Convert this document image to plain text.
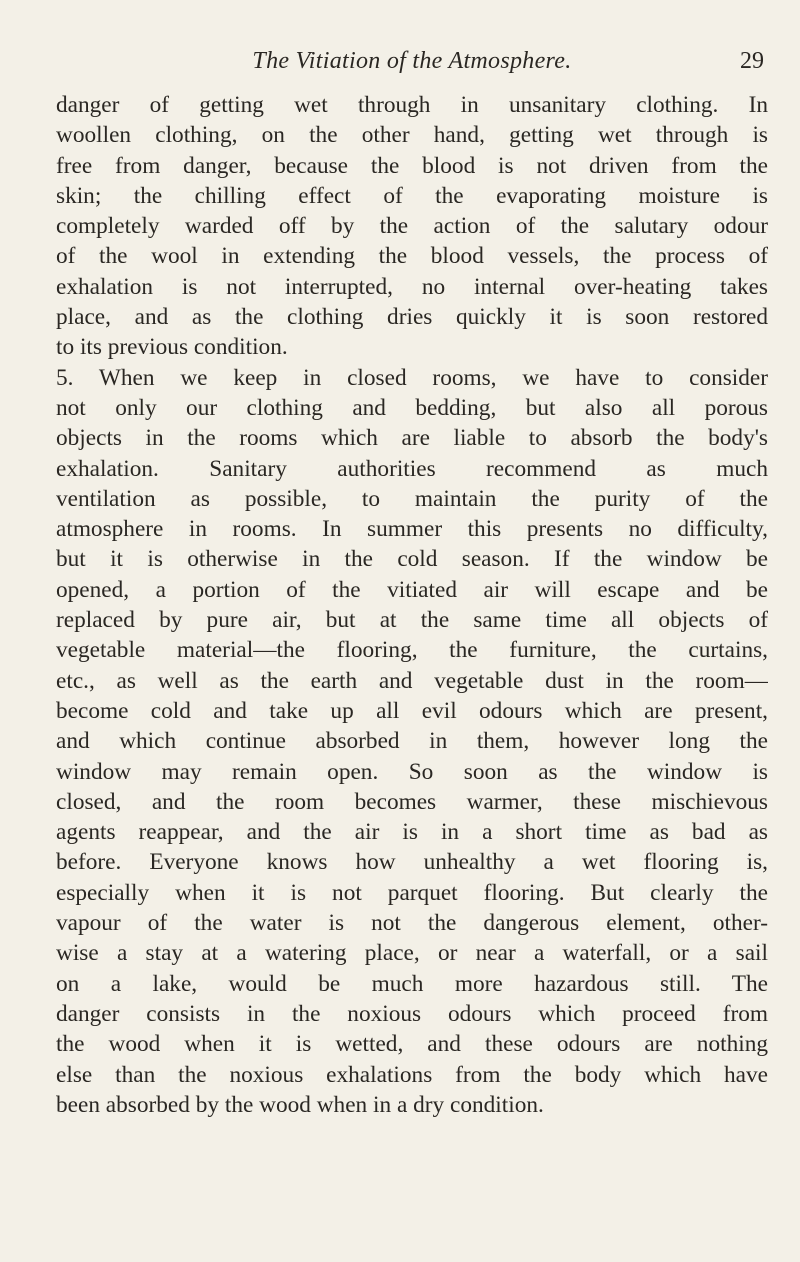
The Vitiation of the Atmosphere.	29
danger of getting wet through in unsanitary clothing. In
woollen clothing, on the other hand, getting wet through is
free from danger, because the blood is not driven from the
skin; the chilling effect of the evaporating moisture is
completely warded off by the action of the salutary odour
of the wool in extending the blood vessels, the process of
exhalation is not interrupted, no internal over-heating takes
place, and as the clothing dries quickly it is soon restored
to its previous condition.
5. When we keep in closed rooms, we have to consider
not only our clothing and bedding, but also all porous
objects in the rooms which are liable to absorb the body's
exhalation. Sanitary authorities recommend as much
ventilation as possible, to maintain the purity of the
atmosphere in rooms. In summer this presents no difficulty,
but it is otherwise in the cold season. If the window be
opened, a portion of the vitiated air will escape and be
replaced by pure air, but at the same time all objects of
vegetable material—the flooring, the furniture, the curtains,
etc., as well as the earth and vegetable dust in the room—
become cold and take up all evil odours which are present,
and which continue absorbed in them, however long the
window may remain open. So soon as the window is
closed, and the room becomes warmer, these mischievous
agents reappear, and the air is in a short time as bad as
before. Everyone knows how unhealthy a wet flooring is,
especially when it is not parquet flooring. But clearly the
vapour of the water is not the dangerous element, other-
wise a stay at a watering place, or near a waterfall, or a sail
on a lake, would be much more hazardous still. The
danger consists in the noxious odours which proceed from
the wood when it is wetted, and these odours are nothing
else than the noxious exhalations from the body which have
been absorbed by the wood when in a dry condition.
